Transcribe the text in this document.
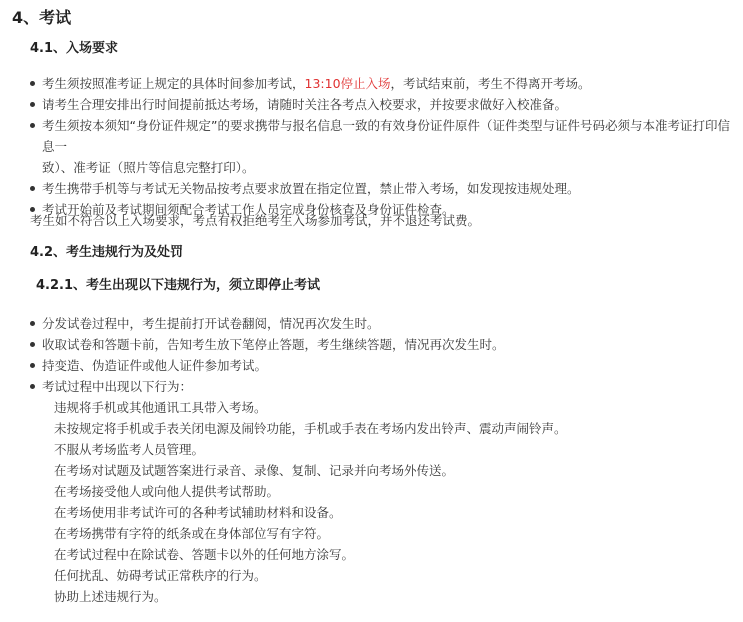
4、考试
4.1、入场要求
考生须按照准考证上规定的具体时间参加考试，13:10停止入场，考试结束前，考生不得离开考场。
请考生合理安排出行时间提前抵达考场，请随时关注各考点入校要求，并按要求做好入校准备。
考生须按本须知“身份证件规定”的要求携带与报名信息一致的有效身份证件原件（证件类型与证件号码必须与本准考证打印信息一
致）、准考证（照片等信息完整打印）。
考生携带手机等与考试无关物品按考点要求放置在指定位置，禁止带入考场，如发现按违规处理。
考试开始前及考试期间须配合考试工作人员完成身份核查及身份证件检查。

考生如不符合以上入场要求，考点有权拒绝考生入场参加考试，并不退还考试费。

4.2、考生违规行为及处罚
4.2.1、考生出现以下违规行为，须立即停止考试
分发试卷过程中，考生提前打开试卷翻阅，情况再次发生时。
收取试卷和答题卡前，告知考生放下笔停止答题，考生继续答题，情况再次发生时。
持变造、伪造证件或他人证件参加考试。
考试过程中出现以下行为：
违规将手机或其他通讯工具带入考场。
未按规定将手机或手表关闭电源及闹铃功能，手机或手表在考场内发出铃声、震动声闹铃声。
不服从考场监考人员管理。
在考场对试题及试题答案进行录音、录像、复制、记录并向考场外传送。
在考场接受他人或向他人提供考试帮助。
在考场使用非考试许可的各种考试辅助材料和设备。
在考场携带有字符的纸条或在身体部位写有字符。
在考试过程中在除试卷、答题卡以外的任何地方涂写。
任何扰乱、妨碍考试正常秩序的行为。
协助上述违规行为。
